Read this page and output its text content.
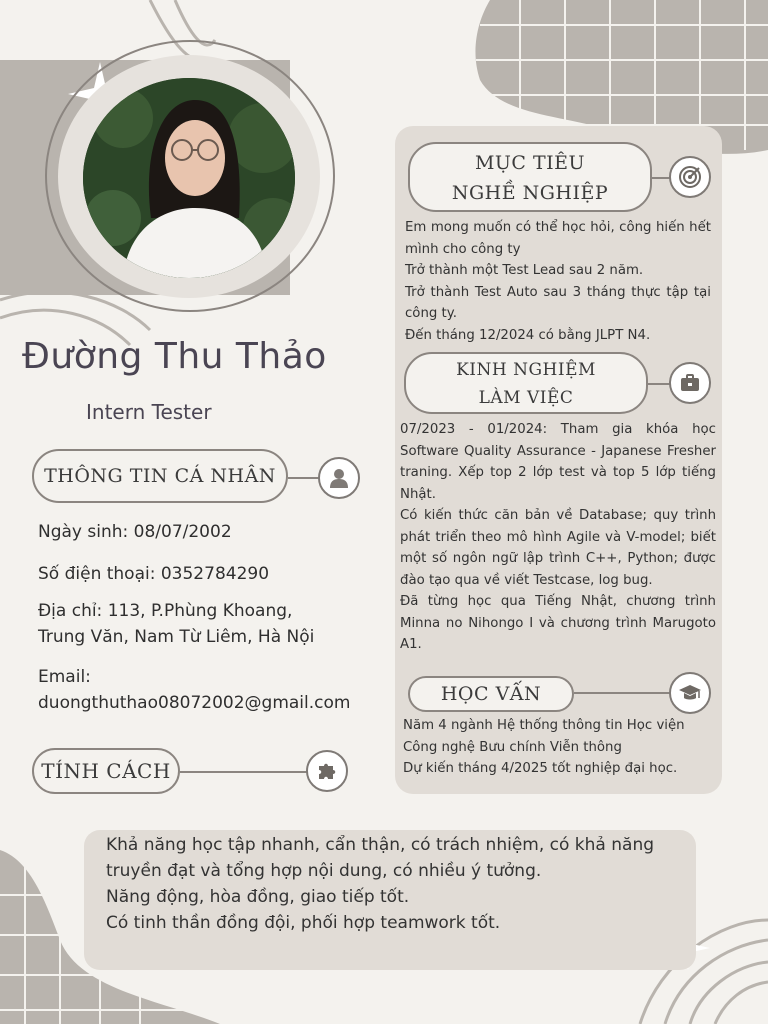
Đường Thu Thảo
Intern Tester
THÔNG TIN CÁ NHÂN
Ngày sinh: 08/07/2002
Số điện thoại: 0352784290
Địa chỉ: 113, P.Phùng Khoang,
Trung Văn, Nam Từ Liêm, Hà Nội
Email:
duongthuthao08072002@gmail.com
TÍNH CÁCH
MỤC TIÊU
NGHỀ NGHIỆP

Em mong muốn có thể học hỏi, công hiến hết mình cho công ty

Trở thành một Test Lead sau 2 năm.

Trở thành Test Auto sau 3 tháng thực tập tại công ty.

Đến tháng 12/2024 có bằng JLPT N4.

KINH NGHIỆM
LÀM VIỆC

07/2023 - 01/2024: Tham gia khóa học Software Quality Assurance - Japanese Fresher traning. Xếp top 2 lớp test và top 5 lớp tiếng Nhật.

Có kiến thức căn bản về Database; quy trình phát triển theo mô hình Agile và V-model; biết một số ngôn ngữ lập trình C++, Python; được đào tạo qua về viết Testcase, log bug.

Đã từng học qua Tiếng Nhật, chương trình Minna no Nihongo I và chương trình Marugoto A1.

HỌC VẤN

Năm 4 ngành Hệ thống thông tin Học viện Công nghệ Bưu chính Viễn thông

Dự kiến tháng 4/2025 tốt nghiệp đại học.

Khả năng học tập nhanh, cẩn thận, có trách nhiệm, có khả năng truyền đạt và tổng hợp nội dung, có nhiều ý tưởng.

Năng động, hòa đồng, giao tiếp tốt.

Có tinh thần đồng đội, phối hợp teamwork tốt.
